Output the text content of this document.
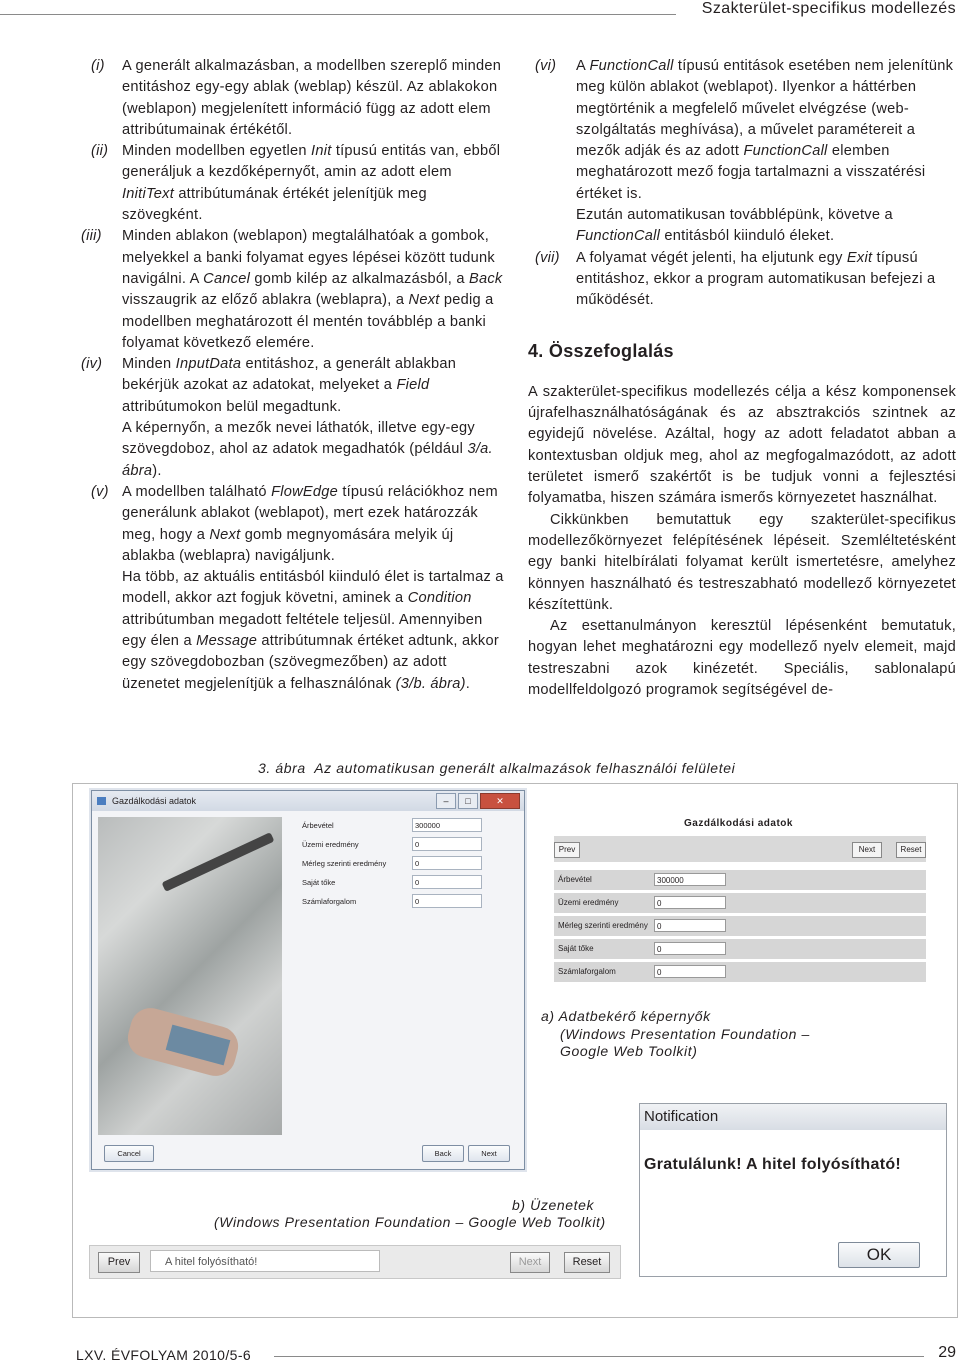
Szakterület-specifikus modellezés
(i) A generált alkalmazásban, a modellben szereplő minden entitáshoz egy-egy ablak (weblap) készül. Az ablakokon (weblapon) megjelenített információ függ az adott elem attribútumainak értékétől.

(ii) Minden modellben egyetlen Init típusú entitás van, ebből generáljuk a kezdőképernyőt, amin az adott elem InitiText attribútumának értékét jelenítjük meg szövegként.

(iii) Minden ablakon (weblapon) megtalálhatóak a gombok, melyekkel a banki folyamat egyes lépései között tudunk navigálni. A Cancel gomb kilép az alkalmazásból, a Back visszaugrik az előző ablakra (weblapra), a Next pedig a modellben meghatározott él mentén továbblép a banki folyamat következő elemére.

(iv) Minden InputData entitáshoz, a generált ablakban bekérjük azokat az adatokat, melyeket a Field attribútumokon belül megadtunk.

A képernyőn, a mezők nevei láthatók, illetve egy-egy szövegdoboz, ahol az adatok megadhatók (például 3/a. ábra).

(v) A modellben található FlowEdge típusú relációkhoz nem generálunk ablakot (weblapot), mert ezek határozzák meg, hogy a Next gomb megnyomására melyik új ablakba (weblapra) navigáljunk.

Ha több, az aktuális entitásból kiinduló élet is tartalmaz a modell, akkor azt fogjuk követni, aminek a Condition attribútumban megadott feltétele teljesül. Amennyiben egy élen a Message attribútumnak értéket adtunk, akkor egy szövegdobozban (szövegmezőben) az adott üzenetet megjelenítjük a felhasználónak (3/b. ábra).

(vi) A FunctionCall típusú entitások esetében nem jelenítünk meg külön ablakot (weblapot). Ilyenkor a háttérben megtörténik a megfelelő művelet elvégzése (web-szolgáltatás meghívása), a művelet paramétereit a mezők adják és az adott FunctionCall elemben meghatározott mező fogja tartalmazni a visszatérési értéket is.

Ezután automatikusan továbblépünk, követve a FunctionCall entitásból kiinduló éleket.

(vii) A folyamat végét jelenti, ha eljutunk egy Exit típusú entitáshoz, ekkor a program automatikusan befejezi a működését.

4. Összefoglalás

A szakterület-specifikus modellezés célja a kész komponensek újrafelhasználhatóságának és az absztrakciós szintnek az egyidejű növelése. Azáltal, hogy az adott feladatot abban a kontextusban oldjuk meg, ahol az megfogalmazódott, az adott területet ismerő szakértőt is be tudjuk vonni a fejlesztési folyamatba, hiszen számára ismerős környezetet használhat.

Cikkünkben bemutattuk egy szakterület-specifikus modellezőkörnyezet felépítésének lépéseit. Szemléltetésként egy banki hitelbírálati folyamat került ismertetésre, amelyhez könnyen használható és testreszabható modellező környezetet készítettünk.

Az esettanulmányon keresztül lépésenként bemutatuk, hogyan lehet meghatározni egy modellező nyelv elemeit, majd testreszabni azok kinézetét. Speciális, sablonalapú modellfeldolgozó programok segítségével de-

3. ábra  Az automatikusan generált alkalmazások felhasználói felületei
Gazdálkodási adatok	–	□	✕
Árbevétel	300000
Üzemi eredmény	0
Mérleg szerinti eredmény	0
Saját tőke	0
Számlaforgalom	0
Cancel	Back	Next
Gazdálkodási adatok
Prev	Next	Reset
Árbevétel	300000
Üzemi eredmény	0
Mérleg szerinti eredmény	0
Saját tőke	0
Számlaforgalom	0
a) Adatbekérő képernyők
(Windows Presentation Foundation –
Google Web Toolkit)
Notification
Gratulálunk! A hitel folyósítható!
OK
b) Üzenetek
(Windows Presentation Foundation – Google Web Toolkit)
Prev	A hitel folyósítható!	Next	Reset
LXV. ÉVFOLYAM 2010/5-6	29
